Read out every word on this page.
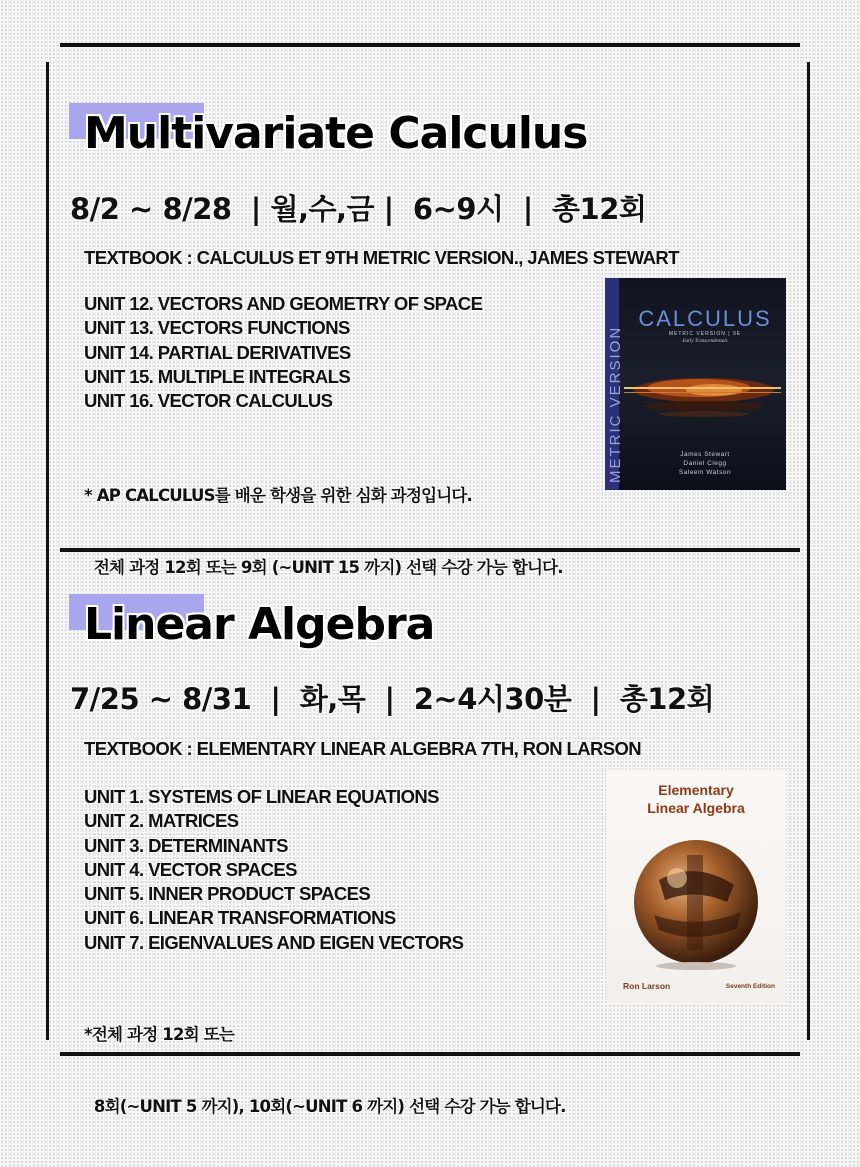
Multivariate Calculus
8/2 ~ 8/28  | 월,수,금 |  6~9시  |  총12회
TEXTBOOK : CALCULUS ET 9TH METRIC VERSION., JAMES STEWART
UNIT 12. VECTORS AND GEOMETRY OF SPACE
UNIT 13. VECTORS FUNCTIONS
UNIT 14. PARTIAL DERIVATIVES
UNIT 15. MULTIPLE INTEGRALS
UNIT 16. VECTOR CALCULUS

* AP CALCULUS를 배운 학생을 위한 심화 과정입니다.

전체 과정 12회 또는 9회 (~UNIT 15 까지) 선택 수강 가능 합니다.

METRIC VERSION
CALCULUS
METRIC VERSION | 9E
Early Transcendentals
James Stewart
Daniel Clegg
Saleem Watson
Linear Algebra
7/25 ~ 8/31  |  화,목  |  2~4시30분  |  총12회
TEXTBOOK : ELEMENTARY LINEAR ALGEBRA 7TH, RON LARSON
UNIT 1. SYSTEMS OF LINEAR EQUATIONS
UNIT 2. MATRICES
UNIT 3. DETERMINANTS
UNIT 4. VECTOR SPACES
UNIT 5. INNER PRODUCT SPACES
UNIT 6. LINEAR TRANSFORMATIONS
UNIT 7. EIGENVALUES AND EIGEN VECTORS

*전체 과정 12회 또는

8회(~UNIT 5 까지), 10회(~UNIT 6 까지) 선택 수강 가능 합니다.

Elementary
Linear Algebra
Ron Larson	Seventh Edition
